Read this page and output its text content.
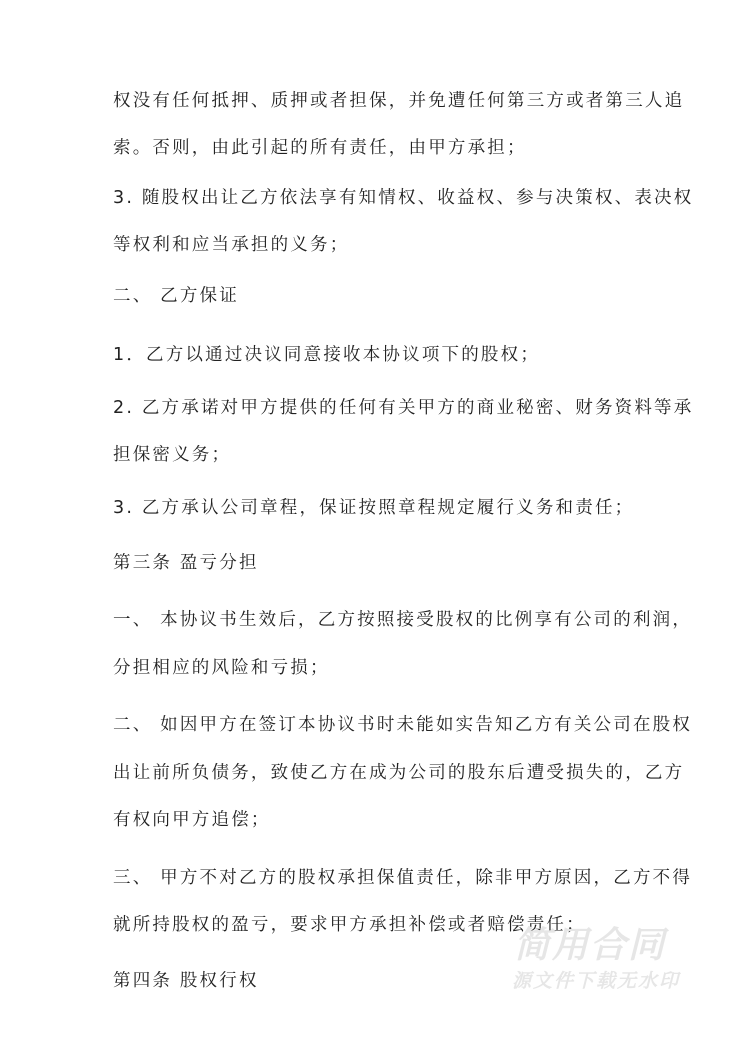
权没有任何抵押、质押或者担保，并免遭任何第三方或者第三人追
索。否则，由此引起的所有责任，由甲方承担；
3. 随股权出让乙方依法享有知情权、收益权、参与决策权、表决权
等权利和应当承担的义务；
二、 乙方保证
1．乙方以通过决议同意接收本协议项下的股权；
2. 乙方承诺对甲方提供的任何有关甲方的商业秘密、财务资料等承
担保密义务；
3. 乙方承认公司章程，保证按照章程规定履行义务和责任；
第三条 盈亏分担
一、 本协议书生效后，乙方按照接受股权的比例享有公司的利润，
分担相应的风险和亏损；
二、 如因甲方在签订本协议书时未能如实告知乙方有关公司在股权
出让前所负债务，致使乙方在成为公司的股东后遭受损失的，乙方
有权向甲方追偿；
三、 甲方不对乙方的股权承担保值责任，除非甲方原因，乙方不得
就所持股权的盈亏，要求甲方承担补偿或者赔偿责任；
第四条 股权行权
简用合同
源文件下载无水印
